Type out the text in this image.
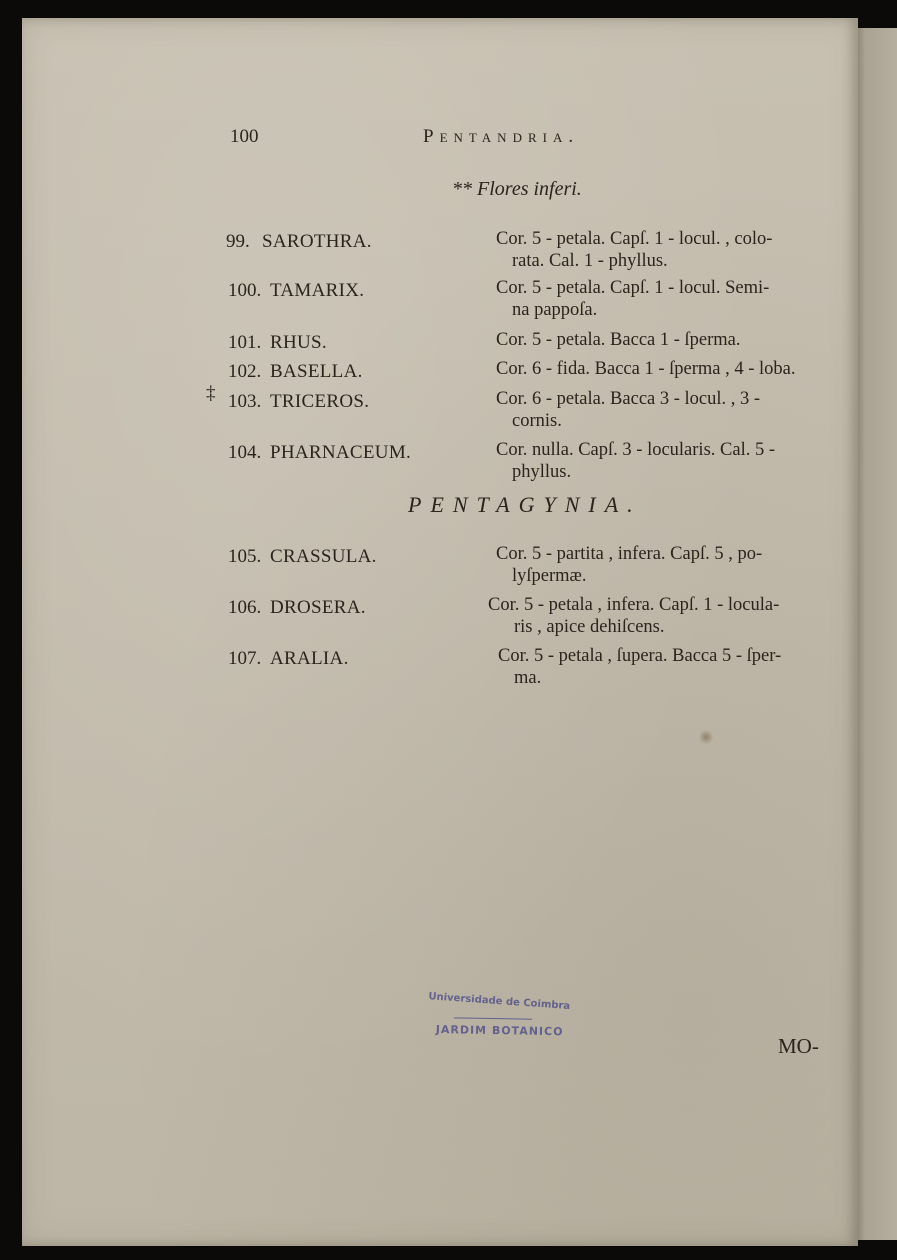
100	Pentandria.
** Flores inferi.
99. SAROTHRA.	Cor. 5 - petala. Capſ. 1 - locul. , colo-
rata. Cal. 1 - phyllus.
100. TAMARIX.	Cor. 5 - petala. Capſ. 1 - locul. Semi-
na pappoſa.
101. RHUS.	Cor. 5 - petala. Bacca 1 - ſperma.
102. BASELLA.	Cor. 6 - fida. Bacca 1 - ſperma , 4 - loba.
‡ 103. TRICEROS.	Cor. 6 - petala. Bacca 3 - locul. , 3 -
cornis.
104. PHARNACEUM.	Cor. nulla. Capſ. 3 - locularis. Cal. 5 -
phyllus.
PENTAGYNIA.
105. CRASSULA.	Cor. 5 - partita , infera. Capſ. 5 , po-
lyſpermæ.
106. DROSERA.	Cor. 5 - petala , infera. Capſ. 1 - locula-
ris , apice dehiſcens.
107. ARALIA.	Cor. 5 - petala , ſupera. Bacca 5 - ſper-
ma.
Universidade de Coimbra
JARDIM BOTANICO
MO-
